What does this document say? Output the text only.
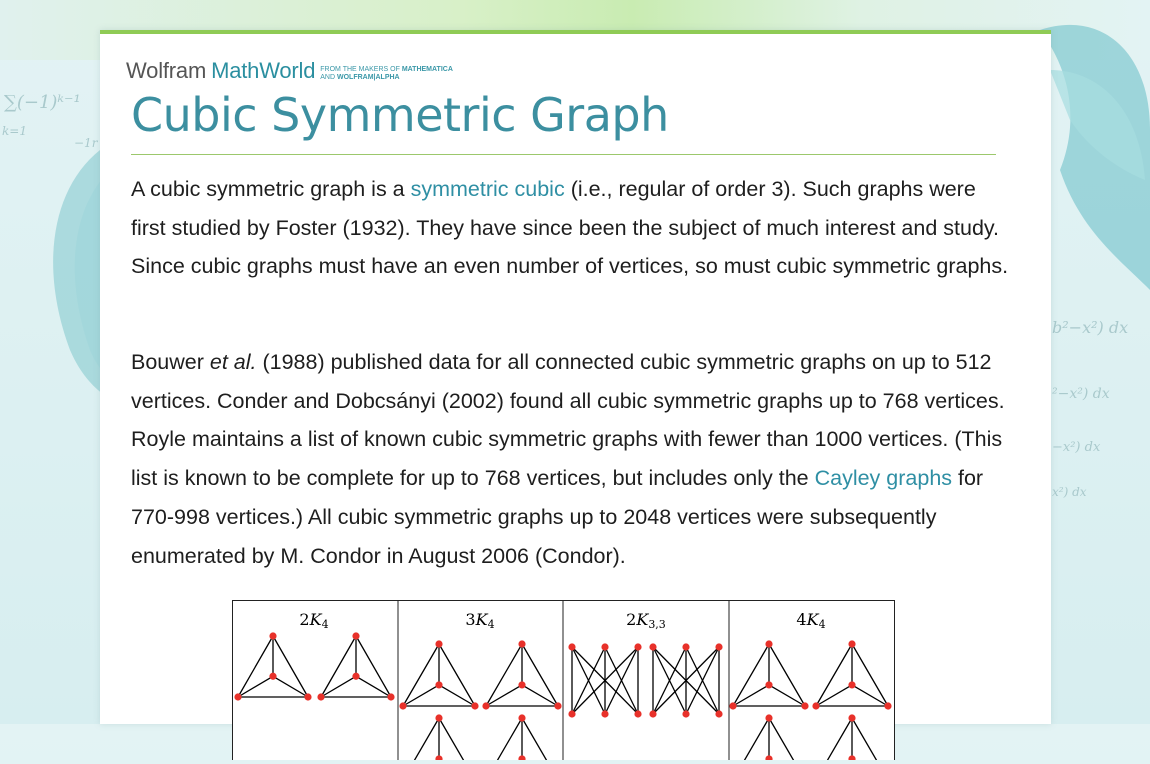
∑(−1)ᵏ⁻¹
k=1
−1r
b²−x²) dx
²−x²) dx
−x²) dx
x²) dx
Wolfram MathWorld FROM THE MAKERS OF MATHEMATICA
AND WOLFRAM|ALPHA
Cubic Symmetric Graph

A cubic symmetric graph is a symmetric cubic (i.e., regular of order 3). Such graphs were first studied by Foster (1932). They have since been the subject of much interest and study. Since cubic graphs must have an even number of vertices, so must cubic symmetric graphs.

Bouwer et al. (1988) published data for all connected cubic symmetric graphs on up to 512 vertices. Conder and Dobcsányi (2002) found all cubic symmetric graphs up to 768 vertices. Royle maintains a list of known cubic symmetric graphs with fewer than 1000 vertices. (This list is known to be complete for up to 768 vertices, but includes only the Cayley graphs for 770-998 vertices.) All cubic symmetric graphs up to 2048 vertices were subsequently enumerated by M. Condor in August 2006 (Condor).

2K4	3K4	2K3,3	4K4
